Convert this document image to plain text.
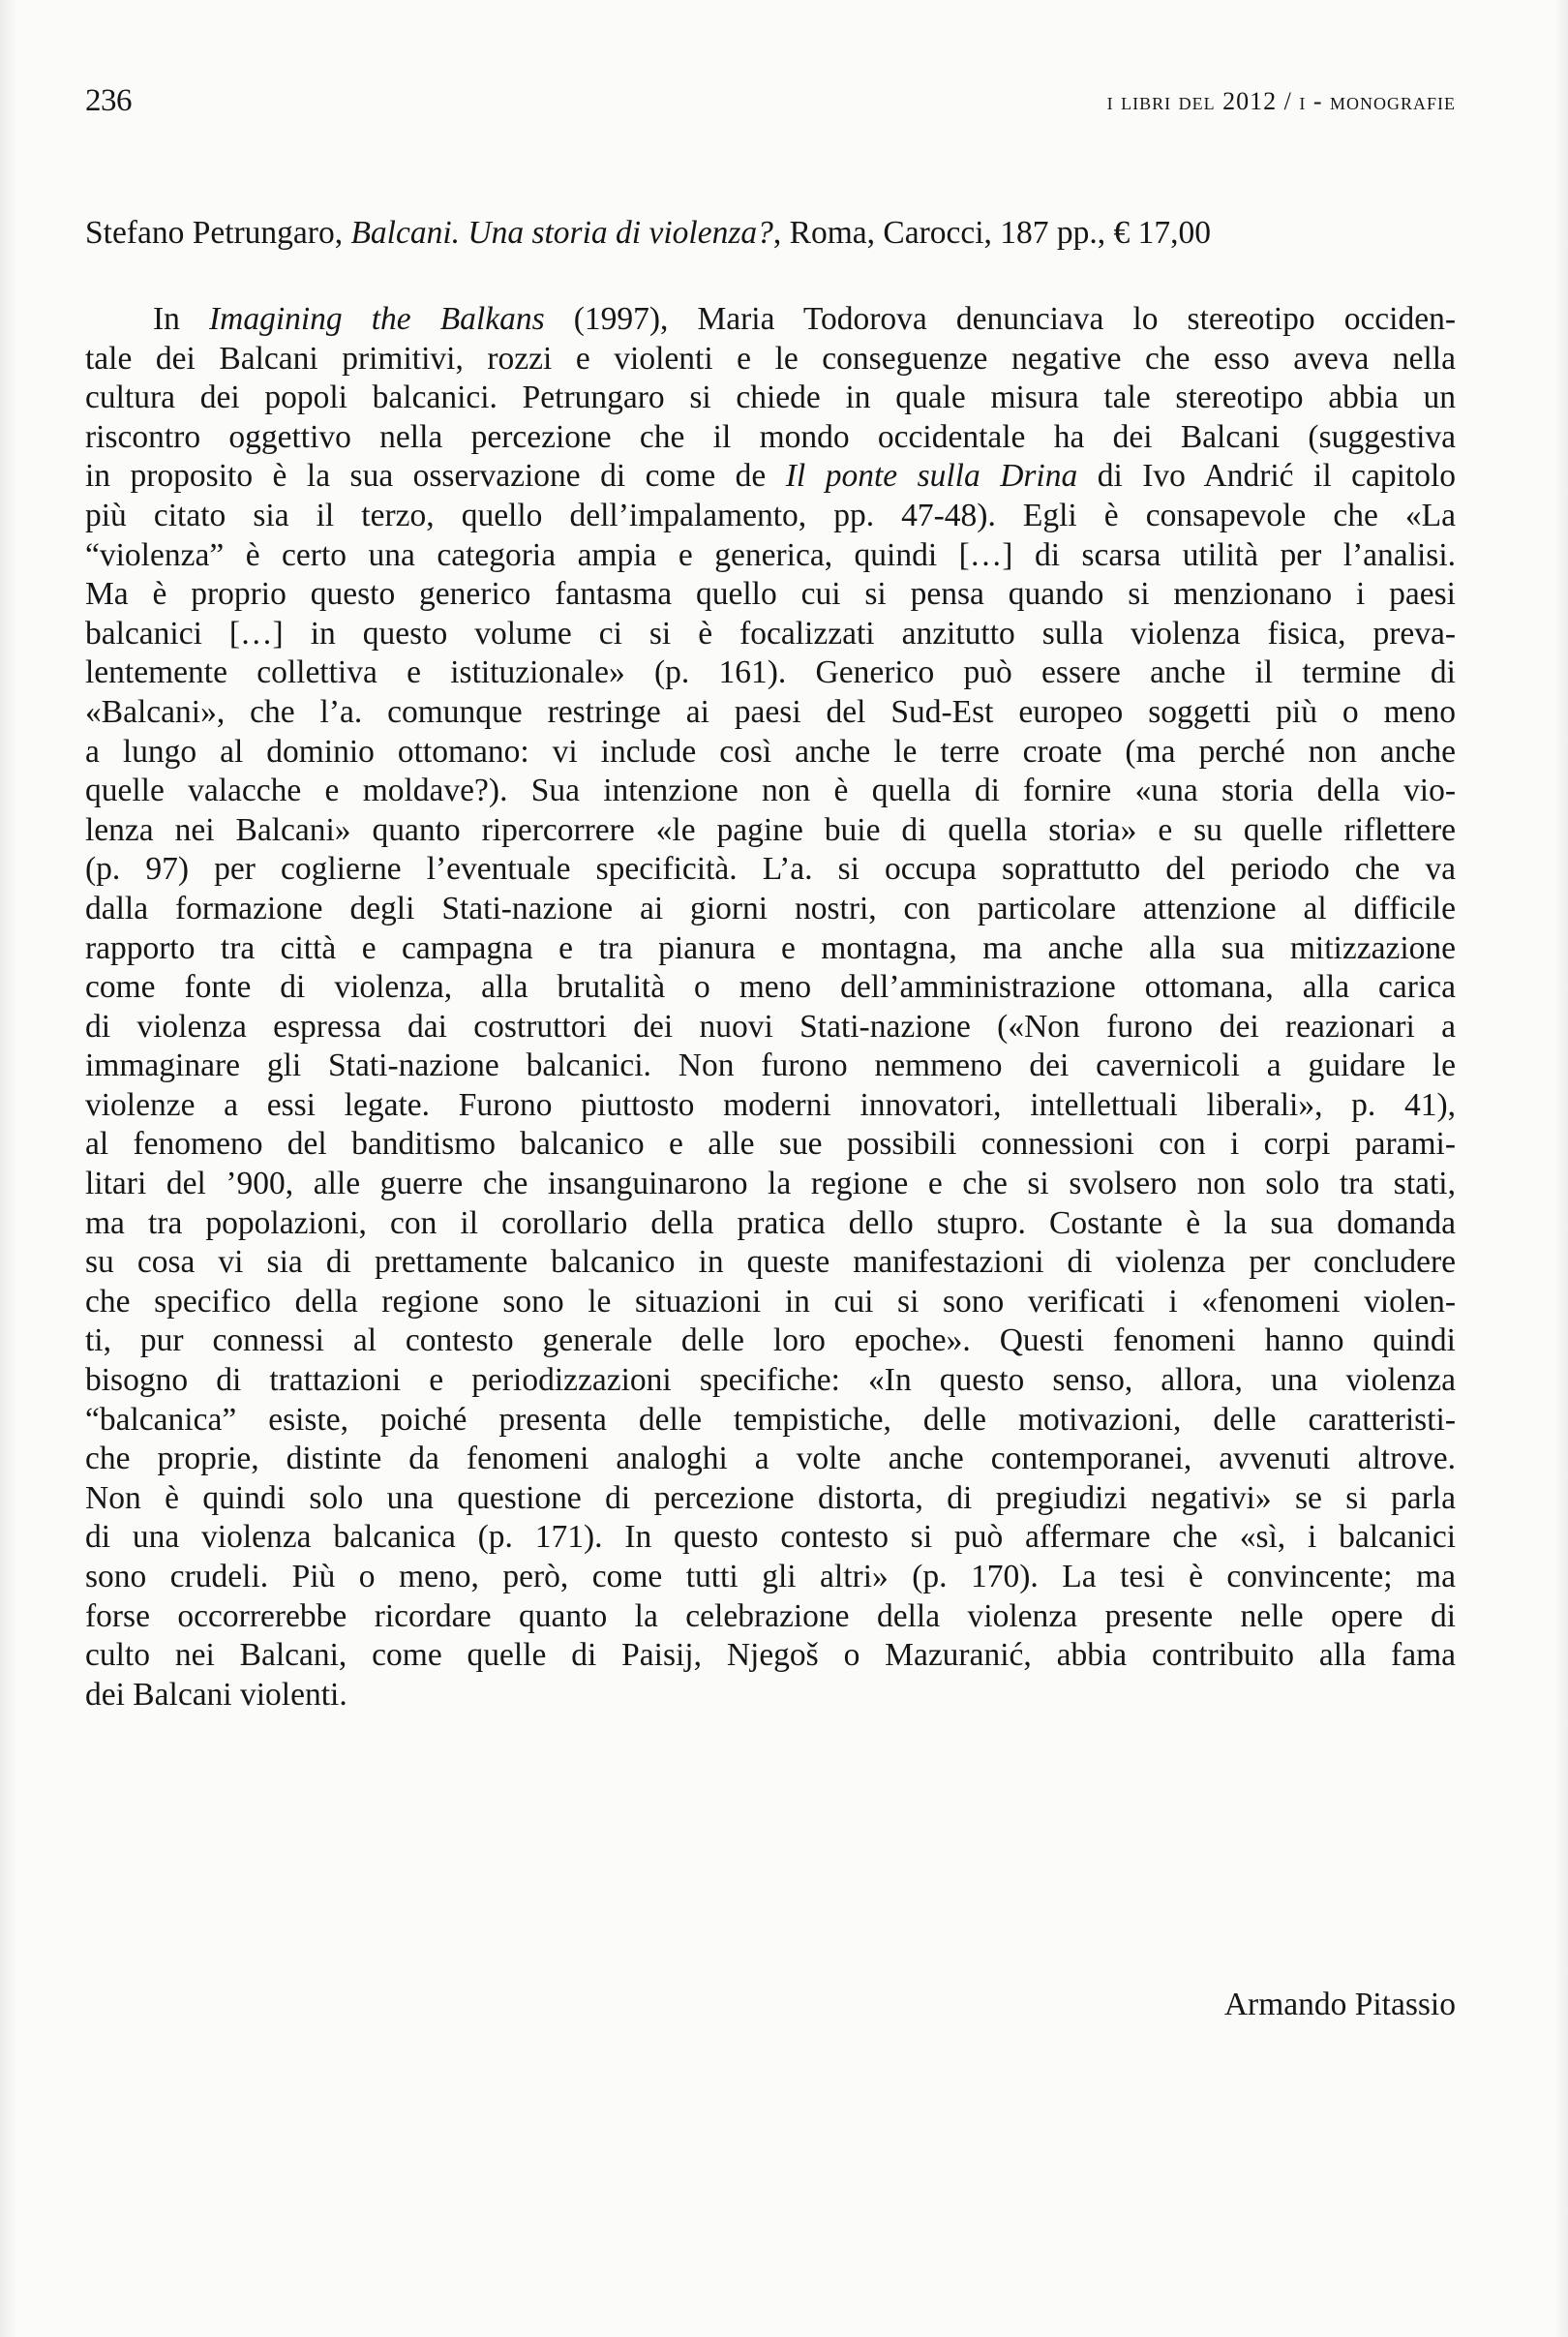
236	i libri del 2012 / i - monografie
Stefano Petrungaro, Balcani. Una storia di violenza?, Roma, Carocci, 187 pp., € 17,00
In Imagining the Balkans (1997), Maria Todorova denunciava lo stereotipo occiden-
tale dei Balcani primitivi, rozzi e violenti e le conseguenze negative che esso aveva nella
cultura dei popoli balcanici. Petrungaro si chiede in quale misura tale stereotipo abbia un
riscontro oggettivo nella percezione che il mondo occidentale ha dei Balcani (suggestiva
in proposito è la sua osservazione di come de Il ponte sulla Drina di Ivo Andrić il capitolo
più citato sia il terzo, quello dell’impalamento, pp. 47-48). Egli è consapevole che «La
“violenza” è certo una categoria ampia e generica, quindi […] di scarsa utilità per l’analisi.
Ma è proprio questo generico fantasma quello cui si pensa quando si menzionano i paesi
balcanici […] in questo volume ci si è focalizzati anzitutto sulla violenza fisica, preva-
lentemente collettiva e istituzionale» (p. 161). Generico può essere anche il termine di
«Balcani», che l’a. comunque restringe ai paesi del Sud-Est europeo soggetti più o meno
a lungo al dominio ottomano: vi include così anche le terre croate (ma perché non anche
quelle valacche e moldave?). Sua intenzione non è quella di fornire «una storia della vio-
lenza nei Balcani» quanto ripercorrere «le pagine buie di quella storia» e su quelle riflettere
(p. 97) per coglierne l’eventuale specificità. L’a. si occupa soprattutto del periodo che va
dalla formazione degli Stati-nazione ai giorni nostri, con particolare attenzione al difficile
rapporto tra città e campagna e tra pianura e montagna, ma anche alla sua mitizzazione
come fonte di violenza, alla brutalità o meno dell’amministrazione ottomana, alla carica
di violenza espressa dai costruttori dei nuovi Stati-nazione («Non furono dei reazionari a
immaginare gli Stati-nazione balcanici. Non furono nemmeno dei cavernicoli a guidare le
violenze a essi legate. Furono piuttosto moderni innovatori, intellettuali liberali», p. 41),
al fenomeno del banditismo balcanico e alle sue possibili connessioni con i corpi parami-
litari del ’900, alle guerre che insanguinarono la regione e che si svolsero non solo tra stati,
ma tra popolazioni, con il corollario della pratica dello stupro. Costante è la sua domanda
su cosa vi sia di prettamente balcanico in queste manifestazioni di violenza per concludere
che specifico della regione sono le situazioni in cui si sono verificati i «fenomeni violen-
ti, pur connessi al contesto generale delle loro epoche». Questi fenomeni hanno quindi
bisogno di trattazioni e periodizzazioni specifiche: «In questo senso, allora, una violenza
“balcanica” esiste, poiché presenta delle tempistiche, delle motivazioni, delle caratteristi-
che proprie, distinte da fenomeni analoghi a volte anche contemporanei, avvenuti altrove.
Non è quindi solo una questione di percezione distorta, di pregiudizi negativi» se si parla
di una violenza balcanica (p. 171). In questo contesto si può affermare che «sì, i balcanici
sono crudeli. Più o meno, però, come tutti gli altri» (p. 170). La tesi è convincente; ma
forse occorrerebbe ricordare quanto la celebrazione della violenza presente nelle opere di
culto nei Balcani, come quelle di Paisij, Njegoš o Mazuranić, abbia contribuito alla fama
dei Balcani violenti.
Armando Pitassio
